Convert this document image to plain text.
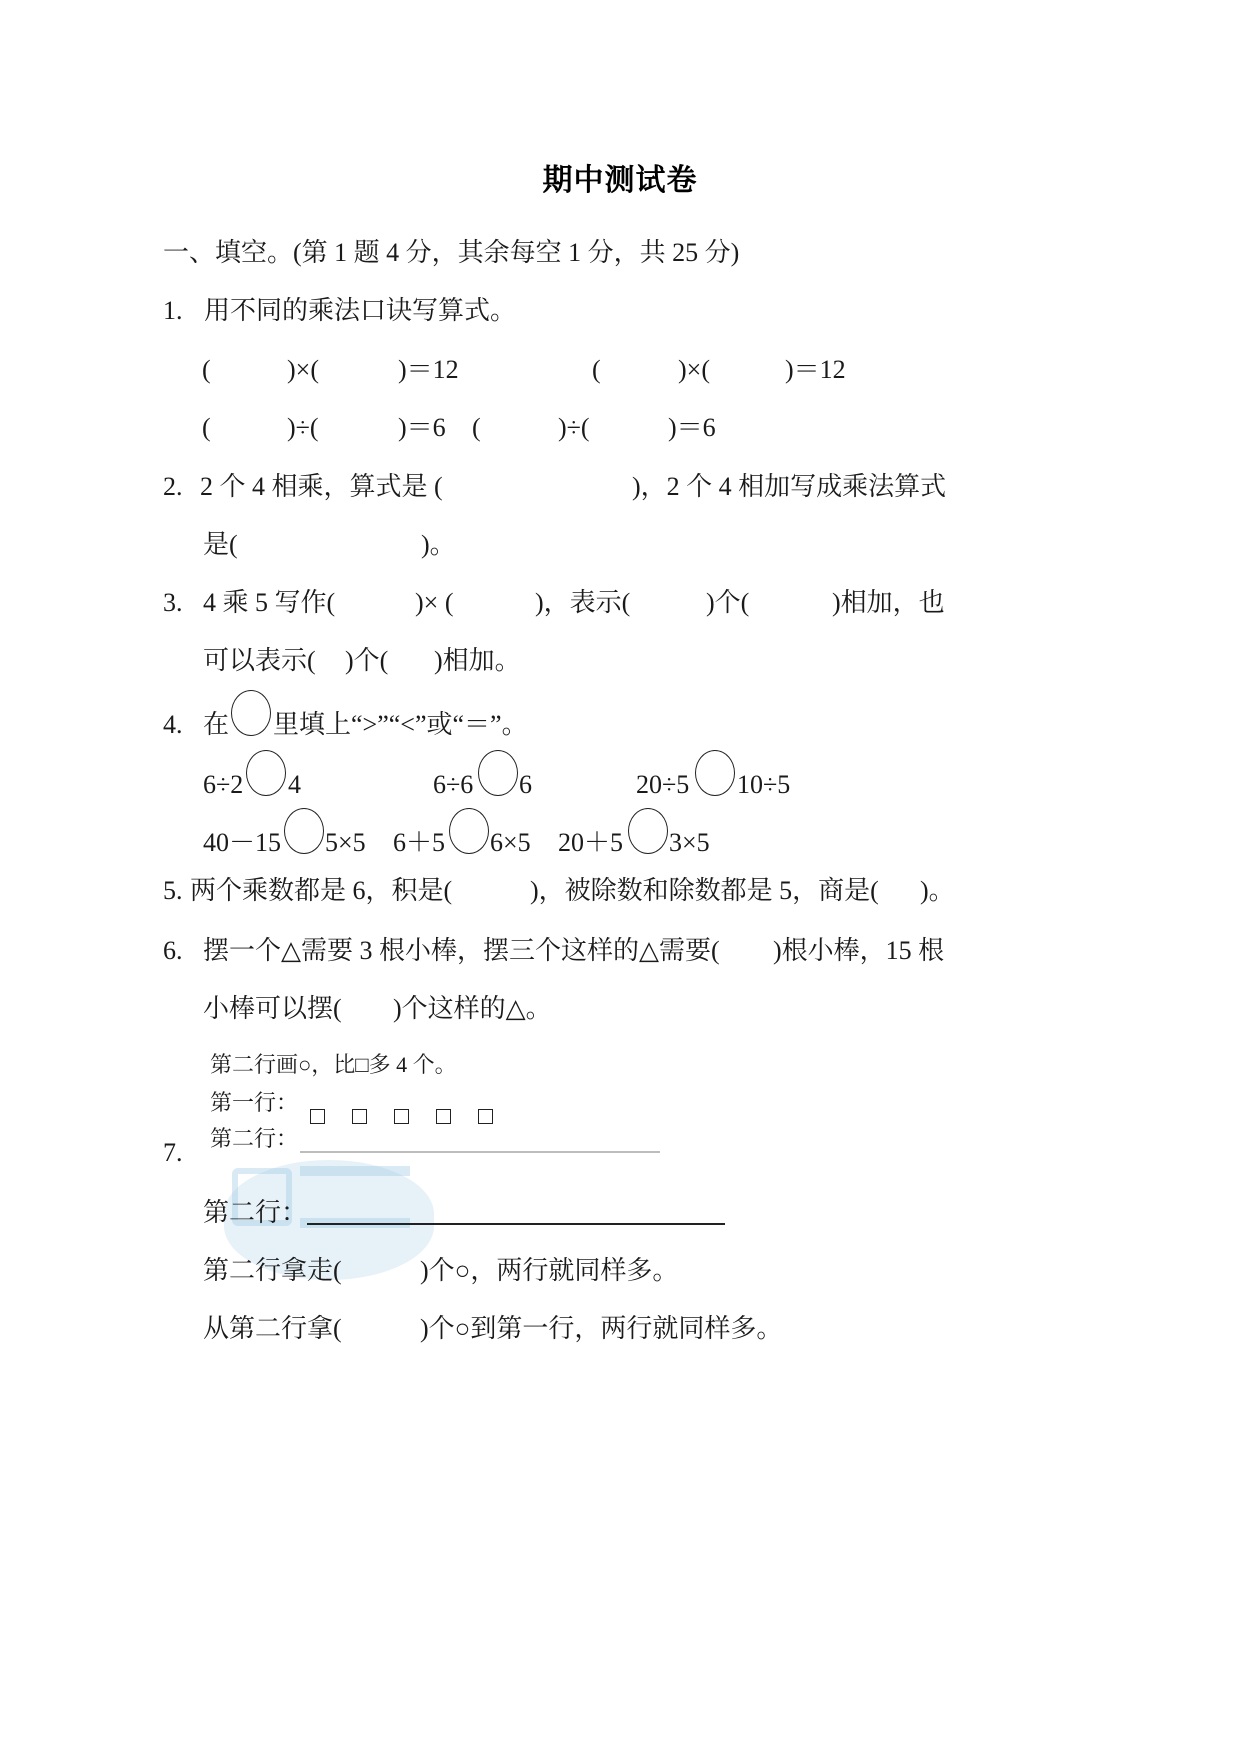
期中测试卷
一、填空。(第 1 题 4 分，其余每空 1 分，共 25 分)
1. 用不同的乘法口诀写算式。
(	)×(	)＝12	(	)×(	)＝12
(	)÷(	)＝6 (	)÷(	)＝6
2. 2 个 4 相乘，算式是 (	)，2 个 4 相加写成乘法算式
是(	)。
3. 4 乘 5 写作(	)× (	)，表示(	)个(	)相加，也
可以表示( )个( )相加。
4. 在 里填上“>”“<”或“＝”。
6÷2 4	6÷6 6	20÷5 10÷5
40－15 5×5 6＋5 6×5 20＋5 3×5
5. 两个乘数都是 6，积是(	)，被除数和除数都是 5，商是( )。
6. 摆一个△需要 3 根小棒，摆三个这样的△需要( )根小棒，15 根
小棒可以摆( )个这样的△。
第二行画○，比□多 4 个。
第一行：

第二行：
7.
第二行：
第二行拿走(	)个○，两行就同样多。
从第二行拿(	)个○到第一行，两行就同样多。
